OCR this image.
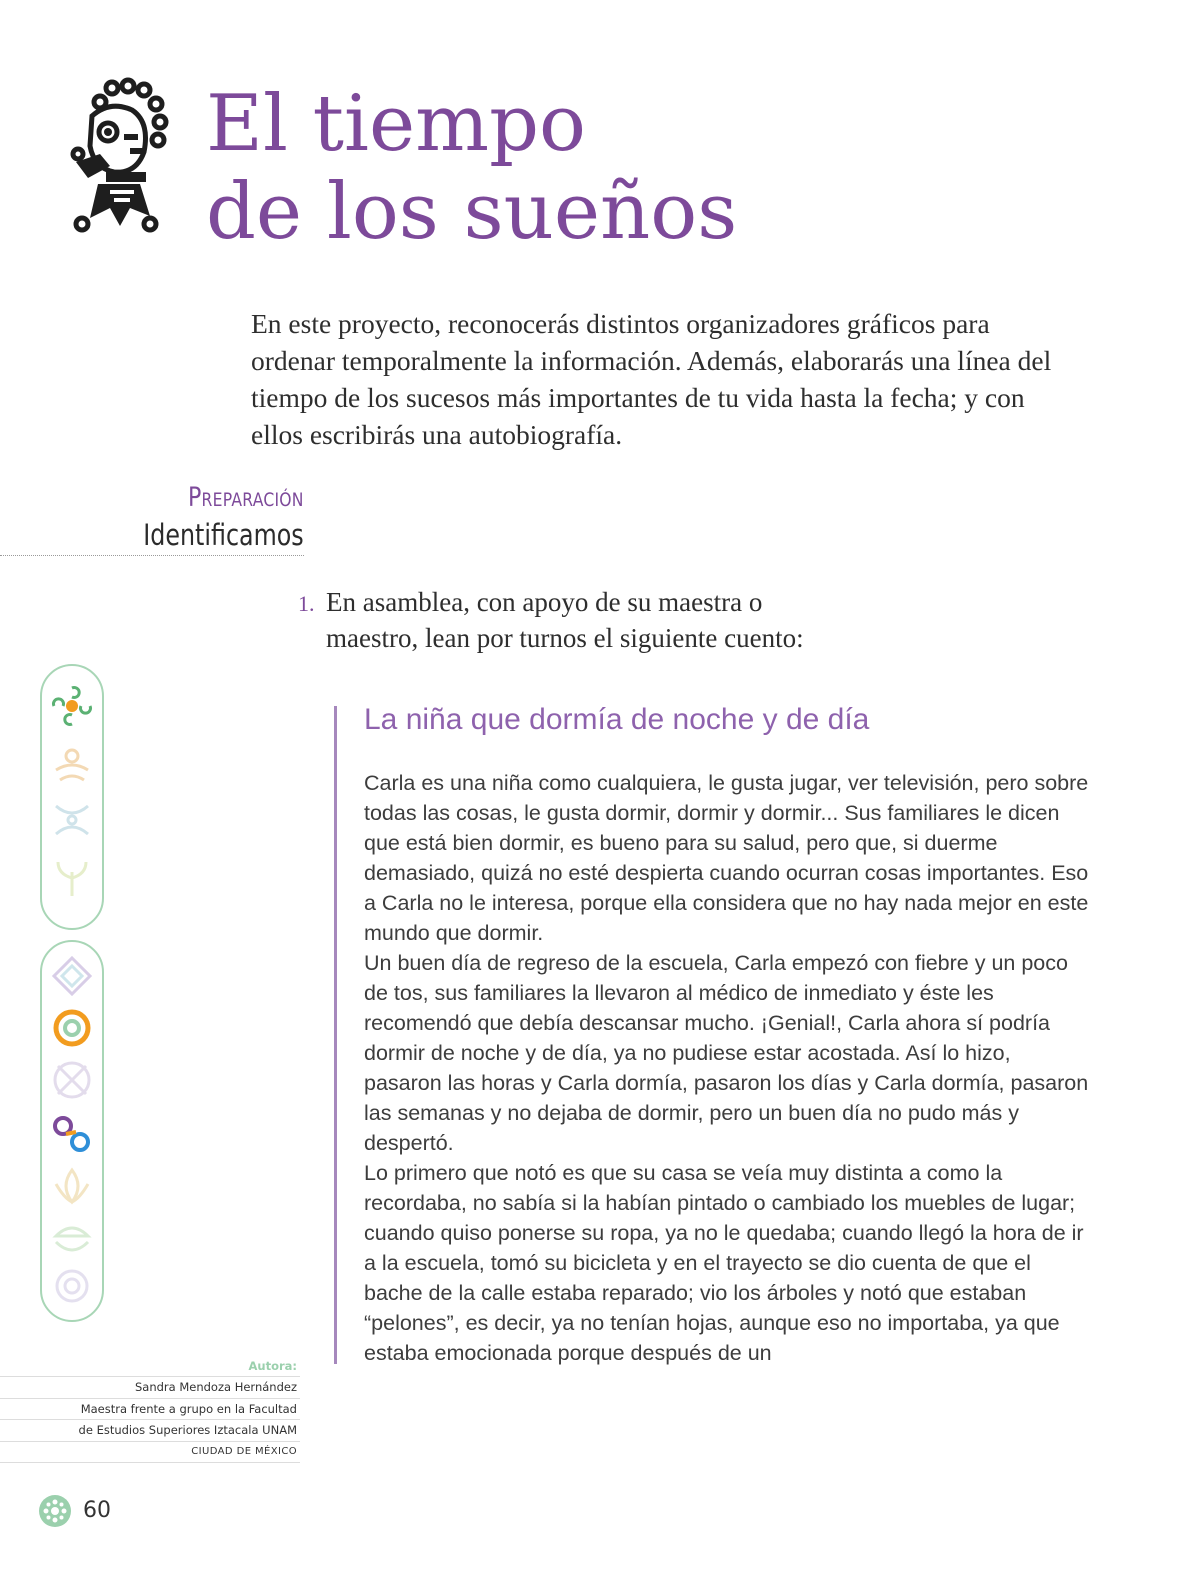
El tiempo
de los sueños

En este proyecto, reconocerás distintos organizadores gráficos para ordenar temporalmente la información. Además, elaborarás una línea del tiempo de los sucesos más importantes de tu vida hasta la fecha; y con ellos escribirás una autobiografía.

Preparación
Identificamos
1. En asamblea, con apoyo de su maestra o maestro, lean por turnos el siguiente cuento:
La niña que dormía de noche y de día

Carla es una niña como cualquiera, le gusta jugar, ver televisión, pero sobre todas las cosas, le gusta dormir, dormir y dormir... Sus familiares le dicen que está bien dormir, es bueno para su salud, pero que, si duerme demasiado, quizá no esté despierta cuando ocurran cosas importantes. Eso a Carla no le interesa, porque ella considera que no hay nada mejor en este mundo que dormir.

Un buen día de regreso de la escuela, Carla empezó con fiebre y un poco de tos, sus familiares la llevaron al médico de inmediato y éste les recomendó que debía descansar mucho. ¡Genial!, Carla ahora sí podría dormir de noche y de día, ya no pudiese estar acostada. Así lo hizo, pasaron las horas y Carla dormía, pasaron los días y Carla dormía, pasaron las semanas y no dejaba de dormir, pero un buen día no pudo más y despertó.

Lo primero que notó es que su casa se veía muy distinta a como la recordaba, no sabía si la habían pintado o cambiado los muebles de lugar; cuando quiso ponerse su ropa, ya no le quedaba; cuando llegó la hora de ir a la escuela, tomó su bicicleta y en el trayecto se dio cuenta de que el bache de la calle estaba reparado; vio los árboles y notó que estaban “pelones”, es decir, ya no tenían hojas, aunque eso no importaba, ya que estaba emocionada porque después de un

Autora:
Sandra Mendoza Hernández
Maestra frente a grupo en la Facultad
de Estudios Superiores Iztacala UNAM
CIUDAD DE MÉXICO
60
